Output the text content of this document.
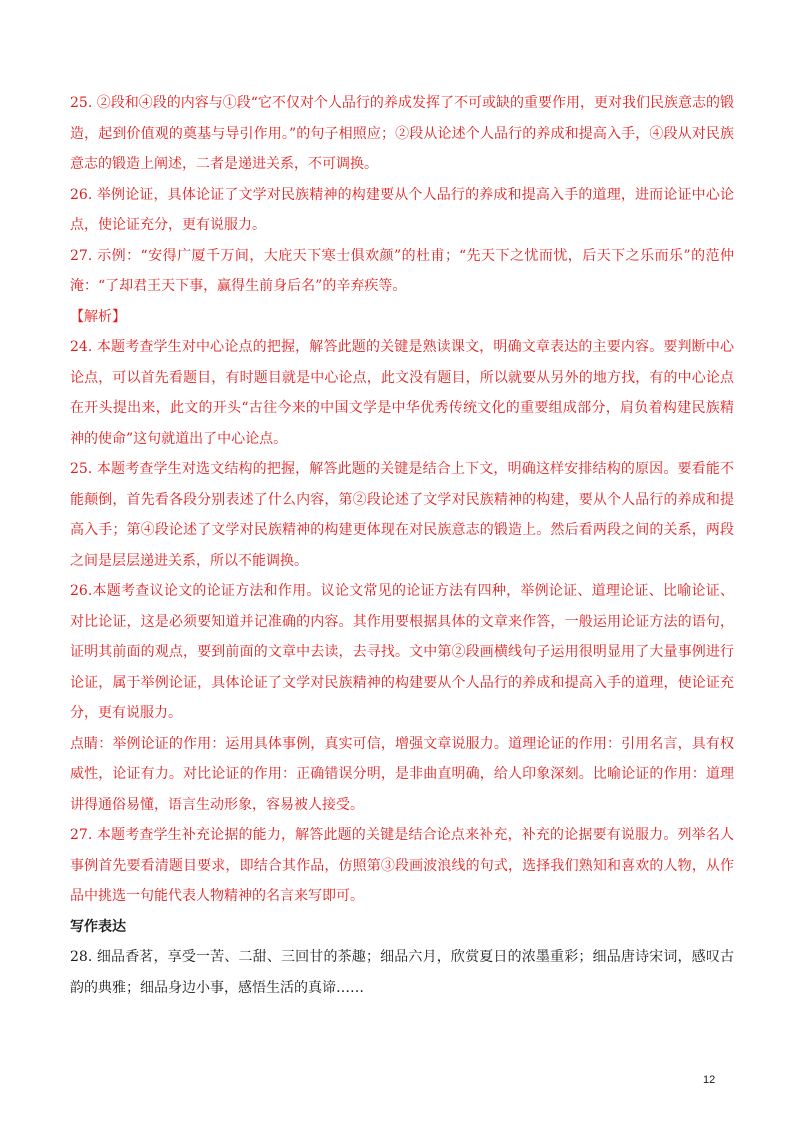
25. ②段和④段的内容与①段“它不仅对个人品行的养成发挥了不可或缺的重要作用，更对我们民族意志的锻造，起到价值观的奠基与导引作用。”的句子相照应；②段从论述个人品行的养成和提高入手，④段从对民族意志的锻造上阐述，二者是递进关系，不可调换。

26. 举例论证，具体论证了文学对民族精神的构建要从个人品行的养成和提高入手的道理，进而论证中心论点，使论证充分，更有说服力。

27. 示例：“安得广厦千万间，大庇天下寒士俱欢颜”的杜甫；“先天下之忧而忧，后天下之乐而乐”的范仲淹：“了却君王天下事，赢得生前身后名”的辛弃疾等。

【解析】

24. 本题考查学生对中心论点的把握，解答此题的关键是熟读课文，明确文章表达的主要内容。要判断中心论点，可以首先看题目，有时题目就是中心论点，此文没有题目，所以就要从另外的地方找，有的中心论点在开头提出来，此文的开头“古往今来的中国文学是中华优秀传统文化的重要组成部分，肩负着构建民族精神的使命”这句就道出了中心论点。

25. 本题考查学生对选文结构的把握，解答此题的关键是结合上下文，明确这样安排结构的原因。要看能不能颠倒，首先看各段分别表述了什么内容，第②段论述了文学对民族精神的构建，要从个人品行的养成和提高入手；第④段论述了文学对民族精神的构建更体现在对民族意志的锻造上。然后看两段之间的关系，两段之间是层层递进关系，所以不能调换。

26.本题考查议论文的论证方法和作用。议论文常见的论证方法有四种，举例论证、道理论证、比喻论证、对比论证，这是必须要知道并记准确的内容。其作用要根据具体的文章来作答，一般运用论证方法的语句，证明其前面的观点，要到前面的文章中去读，去寻找。文中第②段画横线句子运用很明显用了大量事例进行论证，属于举例论证，具体论证了文学对民族精神的构建要从个人品行的养成和提高入手的道理，使论证充分，更有说服力。

点睛：举例论证的作用：运用具体事例，真实可信，增强文章说服力。道理论证的作用：引用名言，具有权威性，论证有力。对比论证的作用：正确错误分明，是非曲直明确，给人印象深刻。比喻论证的作用：道理讲得通俗易懂，语言生动形象，容易被人接受。

27. 本题考查学生补充论据的能力，解答此题的关键是结合论点来补充，补充的论据要有说服力。列举名人事例首先要看清题目要求，即结合其作品，仿照第③段画波浪线的句式，选择我们熟知和喜欢的人物，从作品中挑选一句能代表人物精神的名言来写即可。

写作表达

28. 细品香茗，享受一苦、二甜、三回甘的茶趣；细品六月，欣赏夏日的浓墨重彩；细品唐诗宋词，感叹古韵的典雅；细品身边小事，感悟生活的真谛……

12
